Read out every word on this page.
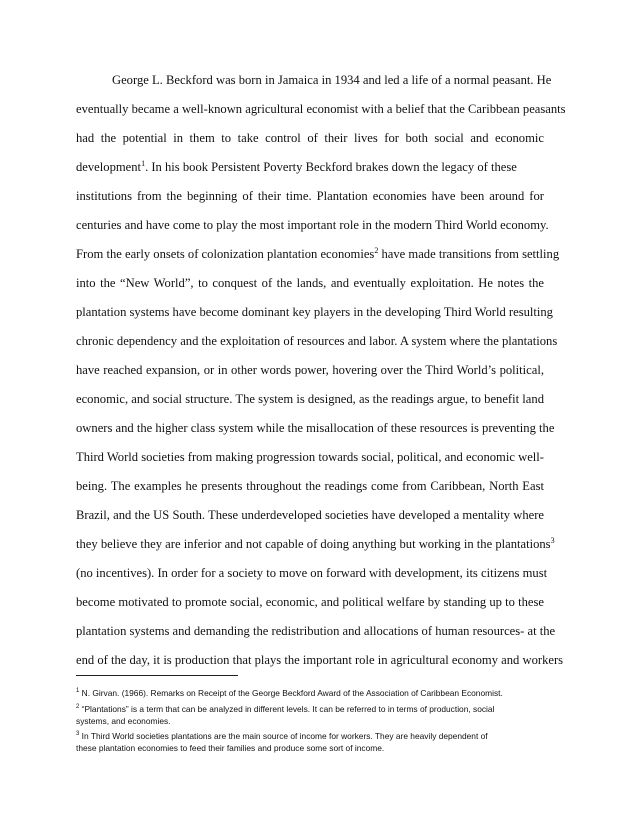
George L. Beckford was born in Jamaica in 1934 and led a life of a normal peasant. He
eventually became a well-known agricultural economist with a belief that the Caribbean peasants
had the potential in them to take control of their lives for both social and economic
development$^1$. In his book Persistent Poverty Beckford brakes down the legacy of these
institutions from the beginning of their time. Plantation economies have been around for
centuries and have come to play the most important role in the modern Third World economy.
From the early onsets of colonization plantation economies$^2$ have made transitions from settling
into the “New World”, to conquest of the lands, and eventually exploitation. He notes the
plantation systems have become dominant key players in the developing Third World resulting
chronic dependency and the exploitation of resources and labor. A system where the plantations
have reached expansion, or in other words power, hovering over the Third World’s political,
economic, and social structure. The system is designed, as the readings argue, to benefit land
owners and the higher class system while the misallocation of these resources is preventing the
Third World societies from making progression towards social, political, and economic well-
being. The examples he presents throughout the readings come from Caribbean, North East
Brazil, and the US South. These underdeveloped societies have developed a mentality where
they believe they are inferior and not capable of doing anything but working in the plantations$^3$
(no incentives). In order for a society to move on forward with development, its citizens must
become motivated to promote social, economic, and political welfare by standing up to these
plantation systems and demanding the redistribution and allocations of human resources- at the
end of the day, it is production that plays the important role in agricultural economy and workers
$^1$ N. Girvan. (1966). Remarks on Receipt of the George Beckford Award of the Association of Caribbean Economist.
$^2$ “Plantations” is a term that can be analyzed in different levels. It can be referred to in terms of production, social
systems, and economies.
$^3$ In Third World societies plantations are the main source of income for workers. They are heavily dependent of
these plantation economies to feed their families and produce some sort of income.
